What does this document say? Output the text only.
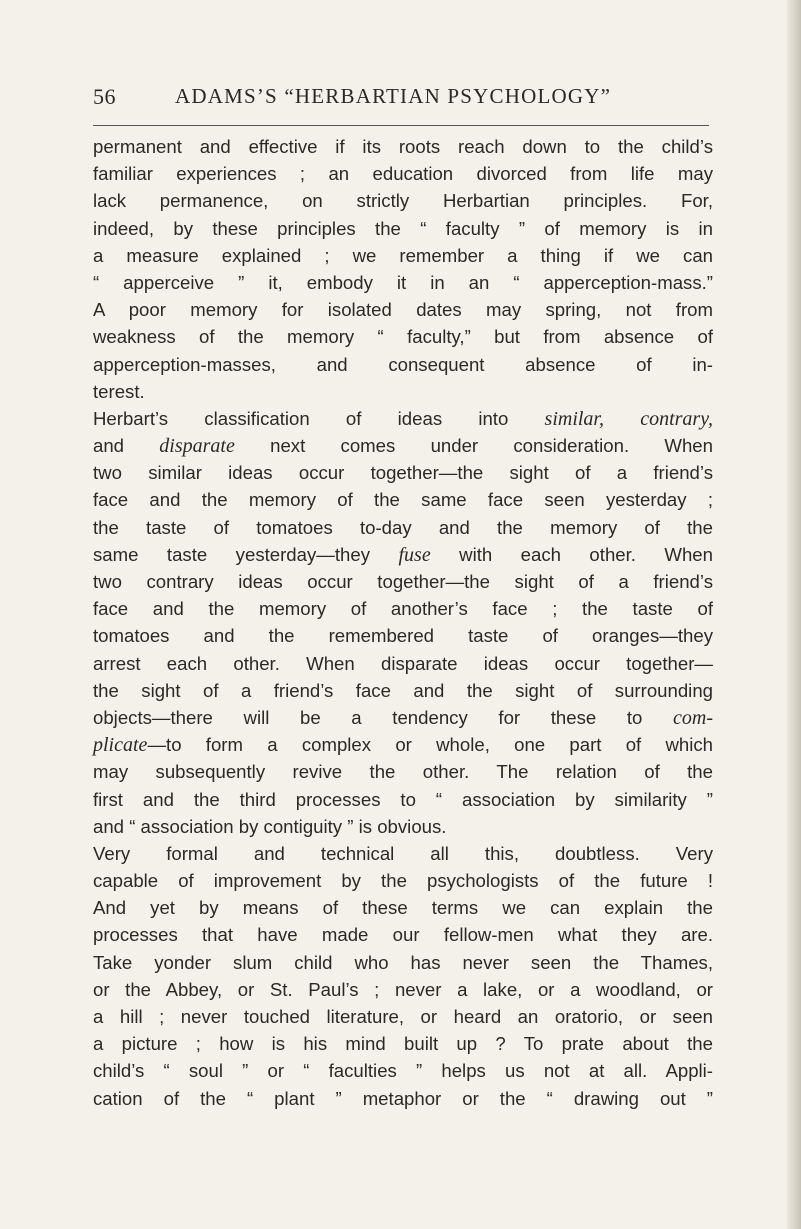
56	ADAMS’S “HERBARTIAN PSYCHOLOGY”
permanent and effective if its roots reach down to the child’s
familiar experiences ; an education divorced from life may
lack permanence, on strictly Herbartian principles. For,
indeed, by these principles the “ faculty ” of memory is in
a measure explained ; we remember a thing if we can
“ apperceive ” it, embody it in an “ apperception-mass.”
A poor memory for isolated dates may spring, not from
weakness of the memory “ faculty,” but from absence of
apperception-masses, and consequent absence of in-
terest.
Herbart’s classification of ideas into similar, contrary,
and disparate next comes under consideration. When
two similar ideas occur together—the sight of a friend’s
face and the memory of the same face seen yesterday ;
the taste of tomatoes to-day and the memory of the
same taste yesterday—they fuse with each other. When
two contrary ideas occur together—the sight of a friend’s
face and the memory of another’s face ; the taste of
tomatoes and the remembered taste of oranges—they
arrest each other. When disparate ideas occur together—
the sight of a friend’s face and the sight of surrounding
objects—there will be a tendency for these to com-
plicate—to form a complex or whole, one part of which
may subsequently revive the other. The relation of the
first and the third processes to “ association by similarity ”
and “ association by contiguity ” is obvious.
Very formal and technical all this, doubtless. Very
capable of improvement by the psychologists of the future !
And yet by means of these terms we can explain the
processes that have made our fellow-men what they are.
Take yonder slum child who has never seen the Thames,
or the Abbey, or St. Paul’s ; never a lake, or a woodland, or
a hill ; never touched literature, or heard an oratorio, or seen
a picture ; how is his mind built up ? To prate about the
child’s “ soul ” or “ faculties ” helps us not at all. Appli-
cation of the “ plant ” metaphor or the “ drawing out ”
